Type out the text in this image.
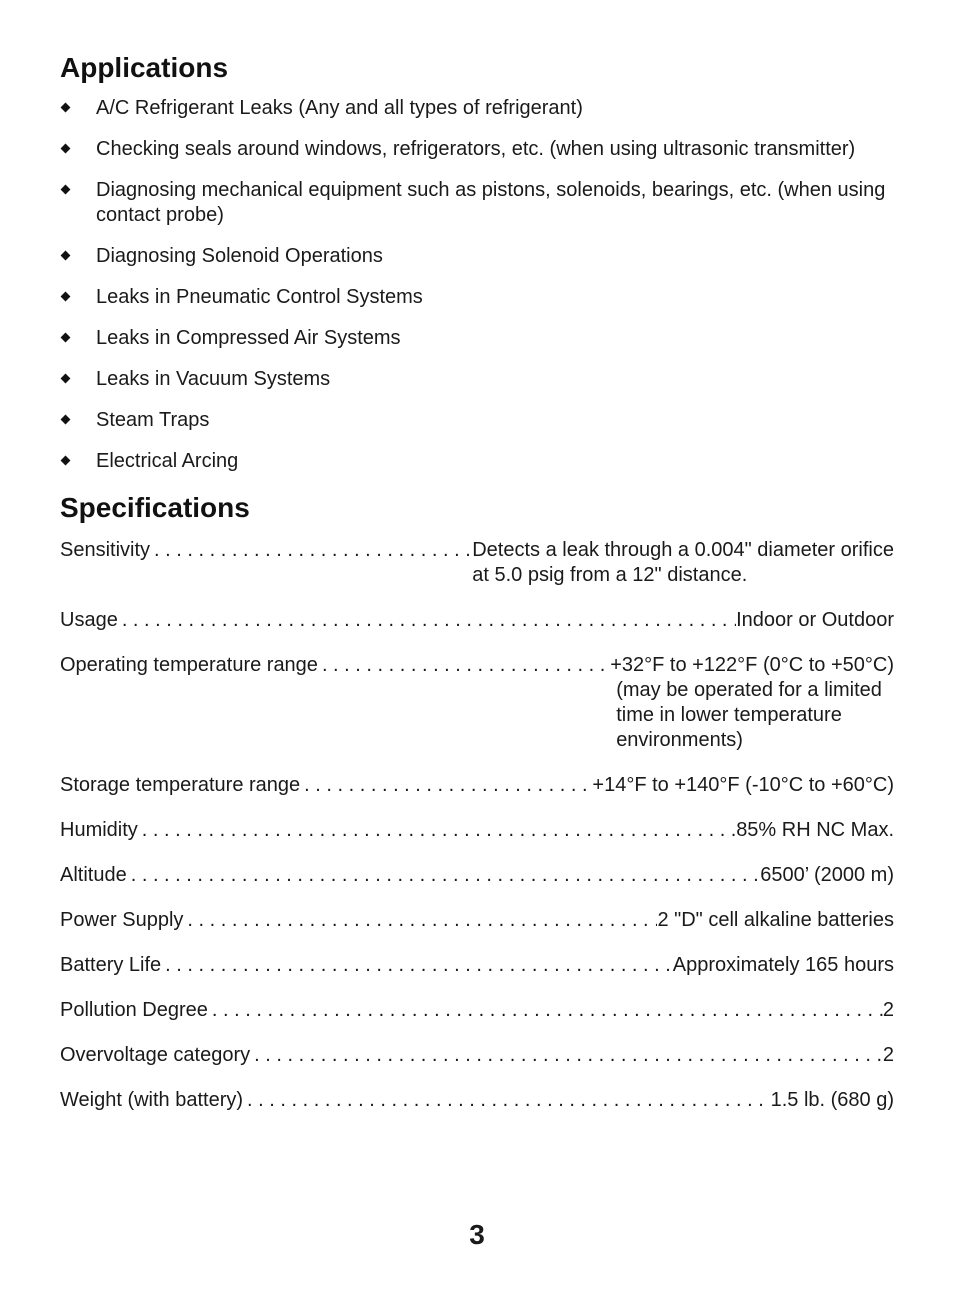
Applications
A/C Refrigerant Leaks (Any and all types of refrigerant)
Checking seals around windows, refrigerators, etc. (when using ultrasonic transmitter)
Diagnosing mechanical equipment such as pistons, solenoids, bearings, etc. (when using contact probe)
Diagnosing Solenoid Operations
Leaks in Pneumatic Control Systems
Leaks in Compressed Air Systems
Leaks in Vacuum Systems
Steam Traps
Electrical Arcing
Specifications
Sensitivity . . .	Detects a leak through a 0.004" diameter orifice
at 5.0 psig from a 12" distance.
Usage . . .	Indoor or Outdoor
Operating temperature range . . .	+32°F to +122°F (0°C to +50°C)
(may be operated for a limited
time in lower temperature
environments)
Storage temperature range . . .	+14°F to +140°F (-10°C to +60°C)
Humidity . . .	85% RH NC Max.
Altitude . . .	6500’ (2000 m)
Power Supply . . .	2 "D" cell alkaline batteries
Battery Life . . .	Approximately 165 hours
Pollution Degree . . .	2
Overvoltage category . . .	2
Weight (with battery) . . .	1.5 lb. (680 g)
3
